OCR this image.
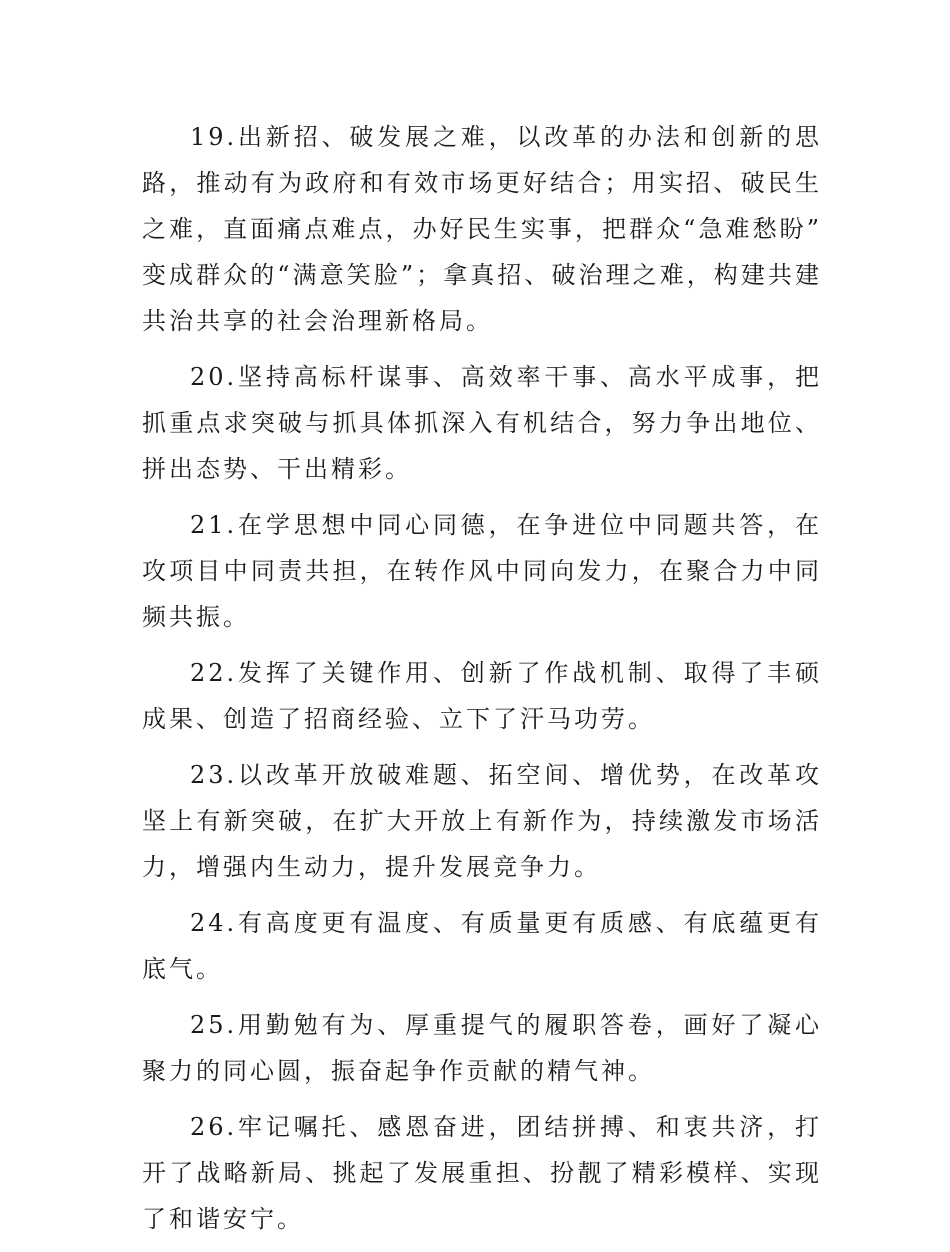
19.出新招、破发展之难，以改革的办法和创新的思路，推动有为政府和有效市场更好结合；用实招、破民生之难，直面痛点难点，办好民生实事，把群众“急难愁盼”变成群众的“满意笑脸”；拿真招、破治理之难，构建共建共治共享的社会治理新格局。

20.坚持高标杆谋事、高效率干事、高水平成事，把抓重点求突破与抓具体抓深入有机结合，努力争出地位、拼出态势、干出精彩。

21.在学思想中同心同德，在争进位中同题共答，在攻项目中同责共担，在转作风中同向发力，在聚合力中同频共振。

22.发挥了关键作用、创新了作战机制、取得了丰硕成果、创造了招商经验、立下了汗马功劳。

23.以改革开放破难题、拓空间、增优势，在改革攻坚上有新突破，在扩大开放上有新作为，持续激发市场活力，增强内生动力，提升发展竞争力。

24.有高度更有温度、有质量更有质感、有底蕴更有底气。

25.用勤勉有为、厚重提气的履职答卷，画好了凝心聚力的同心圆，振奋起争作贡献的精气神。

26.牢记嘱托、感恩奋进，团结拼搏、和衷共济，打开了战略新局、挑起了发展重担、扮靓了精彩模样、实现了和谐安宁。
